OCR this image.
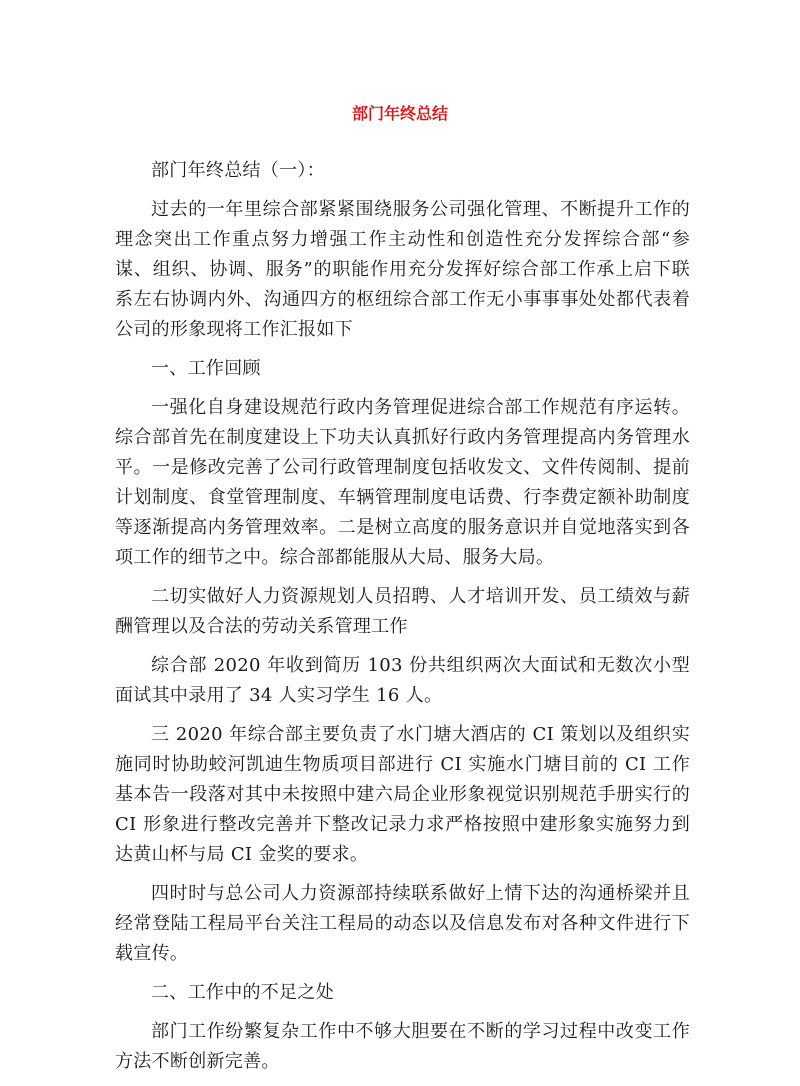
部门年终总结

部门年终总结（一）：

过去的一年里综合部紧紧围绕服务公司强化管理、不断提升工作的理念突出工作重点努力增强工作主动性和创造性充分发挥综合部“参谋、组织、协调、服务”的职能作用充分发挥好综合部工作承上启下联系左右协调内外、沟通四方的枢纽综合部工作无小事事事处处都代表着公司的形象现将工作汇报如下

一、工作回顾

一强化自身建设规范行政内务管理促进综合部工作规范有序运转。综合部首先在制度建设上下功夫认真抓好行政内务管理提高内务管理水平。一是修改完善了公司行政管理制度包括收发文、文件传阅制、提前计划制度、食堂管理制度、车辆管理制度电话费、行李费定额补助制度等逐渐提高内务管理效率。二是树立高度的服务意识并自觉地落实到各项工作的细节之中。综合部都能服从大局、服务大局。

二切实做好人力资源规划人员招聘、人才培训开发、员工绩效与薪酬管理以及合法的劳动关系管理工作

综合部 2020 年收到简历 103 份共组织两次大面试和无数次小型面试其中录用了 34 人实习学生 16 人。

三 2020 年综合部主要负责了水门塘大酒店的 CI 策划以及组织实施同时协助蛟河凯迪生物质项目部进行 CI 实施水门塘目前的 CI 工作基本告一段落对其中未按照中建六局企业形象视觉识别规范手册实行的 CI 形象进行整改完善并下整改记录力求严格按照中建形象实施努力到达黄山杯与局 CI 金奖的要求。

四时时与总公司人力资源部持续联系做好上情下达的沟通桥梁并且经常登陆工程局平台关注工程局的动态以及信息发布对各种文件进行下载宣传。

二、工作中的不足之处

部门工作纷繁复杂工作中不够大胆要在不断的学习过程中改变工作方法不断创新完善。
